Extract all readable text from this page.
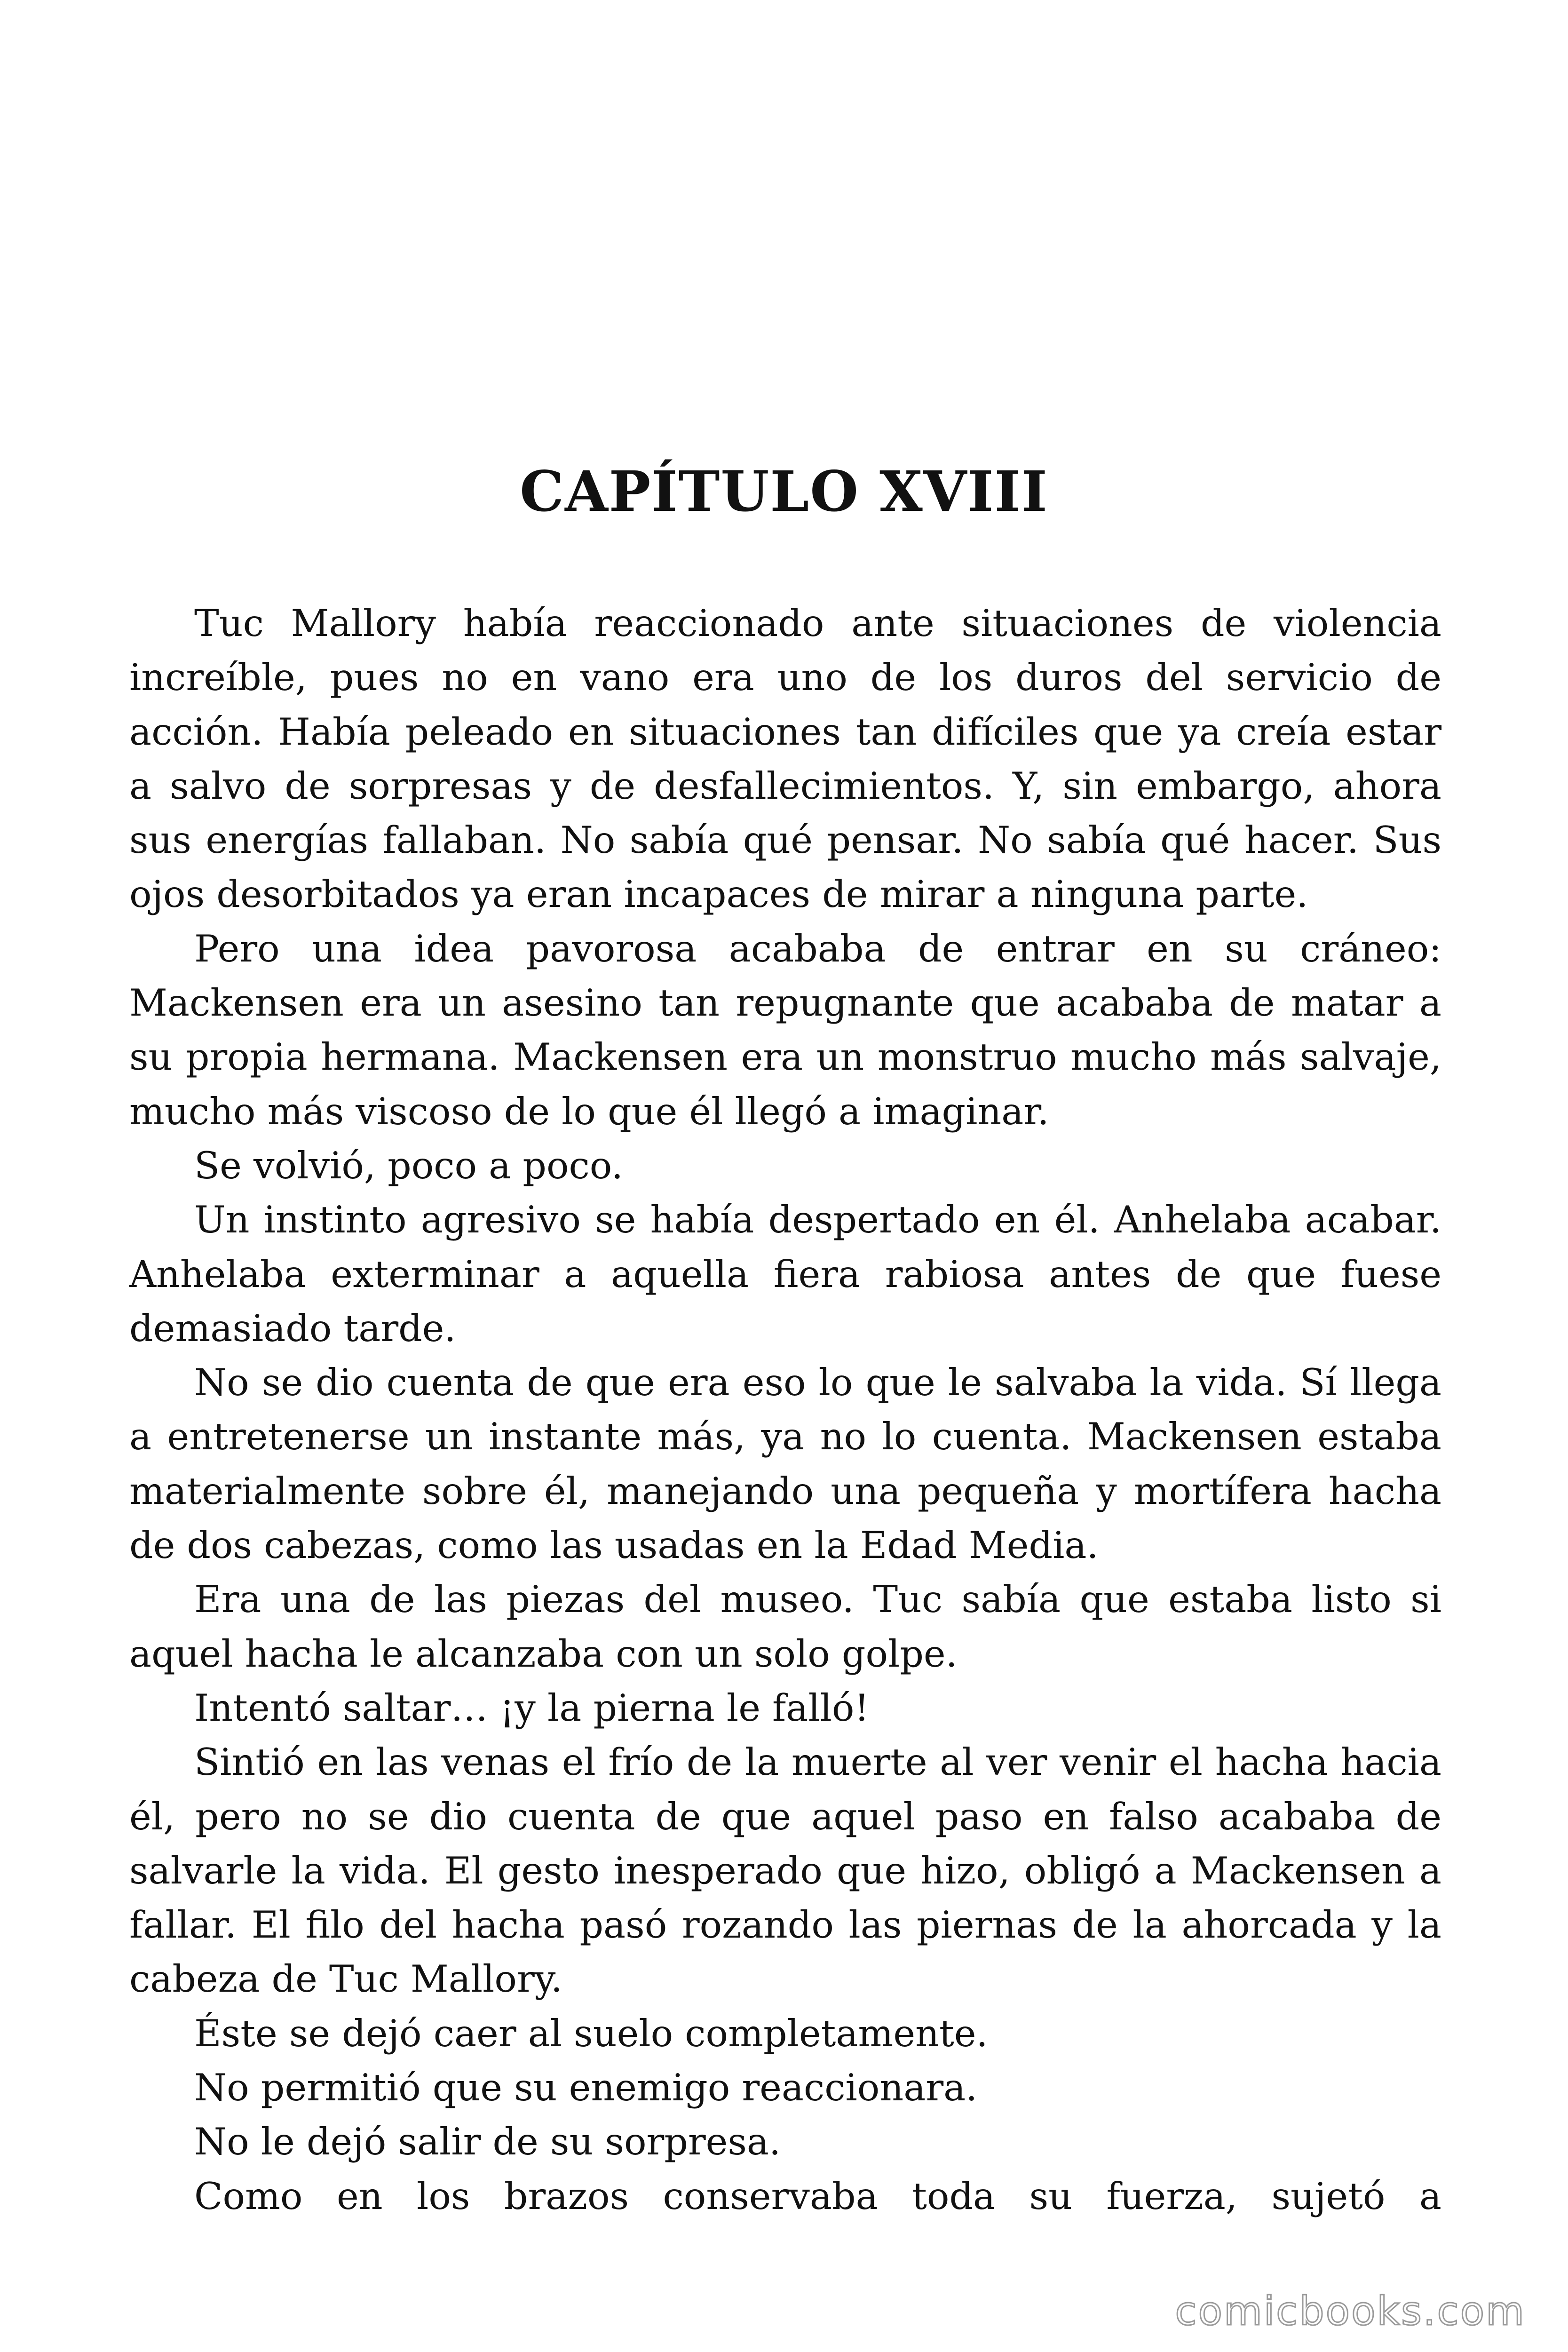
CAPÍTULO XVIII

Tuc Mallory había reaccionado ante situaciones de violencia increíble, pues no en vano era uno de los duros del servicio de acción. Había peleado en situaciones tan difíciles que ya creía estar a salvo de sorpresas y de desfallecimientos. Y, sin embargo, ahora sus energías fallaban. No sabía qué pensar. No sabía qué hacer. Sus ojos desorbitados ya eran incapaces de mirar a ninguna parte.

Pero una idea pavorosa acababa de entrar en su cráneo: Mackensen era un asesino tan repugnante que acababa de matar a su propia hermana. Mackensen era un monstruo mucho más salvaje, mucho más viscoso de lo que él llegó a imaginar.

Se volvió, poco a poco.

Un instinto agresivo se había despertado en él. Anhelaba acabar. Anhelaba exterminar a aquella fiera rabiosa antes de que fuese demasiado tarde.

No se dio cuenta de que era eso lo que le salvaba la vida. Sí llega a entretenerse un instante más, ya no lo cuenta. Mackensen estaba materialmente sobre él, manejando una pequeña y mortífera hacha de dos cabezas, como las usadas en la Edad Media.

Era una de las piezas del museo. Tuc sabía que estaba listo si aquel hacha le alcanzaba con un solo golpe.

Intentó saltar… ¡y la pierna le falló!

Sintió en las venas el frío de la muerte al ver venir el hacha hacia él, pero no se dio cuenta de que aquel paso en falso acababa de salvarle la vida. El gesto inesperado que hizo, obligó a Mackensen a fallar. El filo del hacha pasó rozando las piernas de la ahorcada y la cabeza de Tuc Mallory.

Éste se dejó caer al suelo completamente.

No permitió que su enemigo reaccionara.

No le dejó salir de su sorpresa.

Como en los brazos conservaba toda su fuerza, sujetó a

comicbooks.com
